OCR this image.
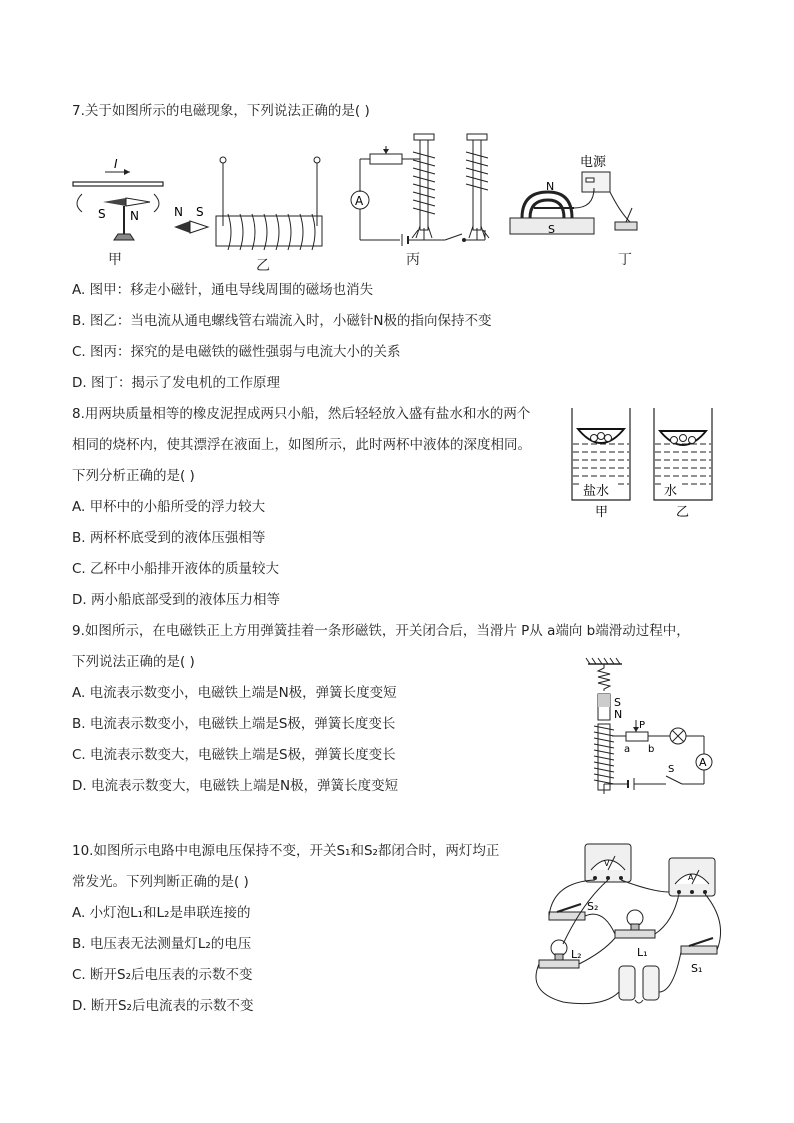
7.关于如图所示的电磁现象，下列说法正确的是( )
I
S N
甲
N S
乙
A
丙
电源
N
S
丁
A. 图甲：移走小磁针，通电导线周围的磁场也消失
B. 图乙：当电流从通电螺线管右端流入时，小磁针N极的指向保持不变
C. 图丙：探究的是电磁铁的磁性强弱与电流大小的关系
D. 图丁：揭示了发电机的工作原理
8.用两块质量相等的橡皮泥捏成两只小船，然后轻轻放入盛有盐水和水的两个
相同的烧杯内，使其漂浮在液面上，如图所示，此时两杯中液体的深度相同。
下列分析正确的是( )
A. 甲杯中的小船所受的浮力较大
B. 两杯杯底受到的液体压强相等
C. 乙杯中小船排开液体的质量较大
D. 两小船底部受到的液体压力相等
盐水
甲
水
乙
9.如图所示，在电磁铁正上方用弹簧挂着一条形磁铁，开关闭合后，当滑片 P从 a端向 b端滑动过程中，
下列说法正确的是( )
A. 电流表示数变小，电磁铁上端是N极，弹簧长度变短
B. 电流表示数变小，电磁铁上端是S极，弹簧长度变长
C. 电流表示数变大，电磁铁上端是S极，弹簧长度变长
D. 电流表示数变大，电磁铁上端是N极，弹簧长度变短
S
N
P
a b
A
S
10.如图所示电路中电源电压保持不变，开关S₁和S₂都闭合时，两灯均正
常发光。下列判断正确的是( )
A. 小灯泡L₁和L₂是串联连接的
B. 电压表无法测量灯L₂的电压
C. 断开S₂后电压表的示数不变
D. 断开S₂后电流表的示数不变
V
A
S₂
L₁
L₂
S₁
